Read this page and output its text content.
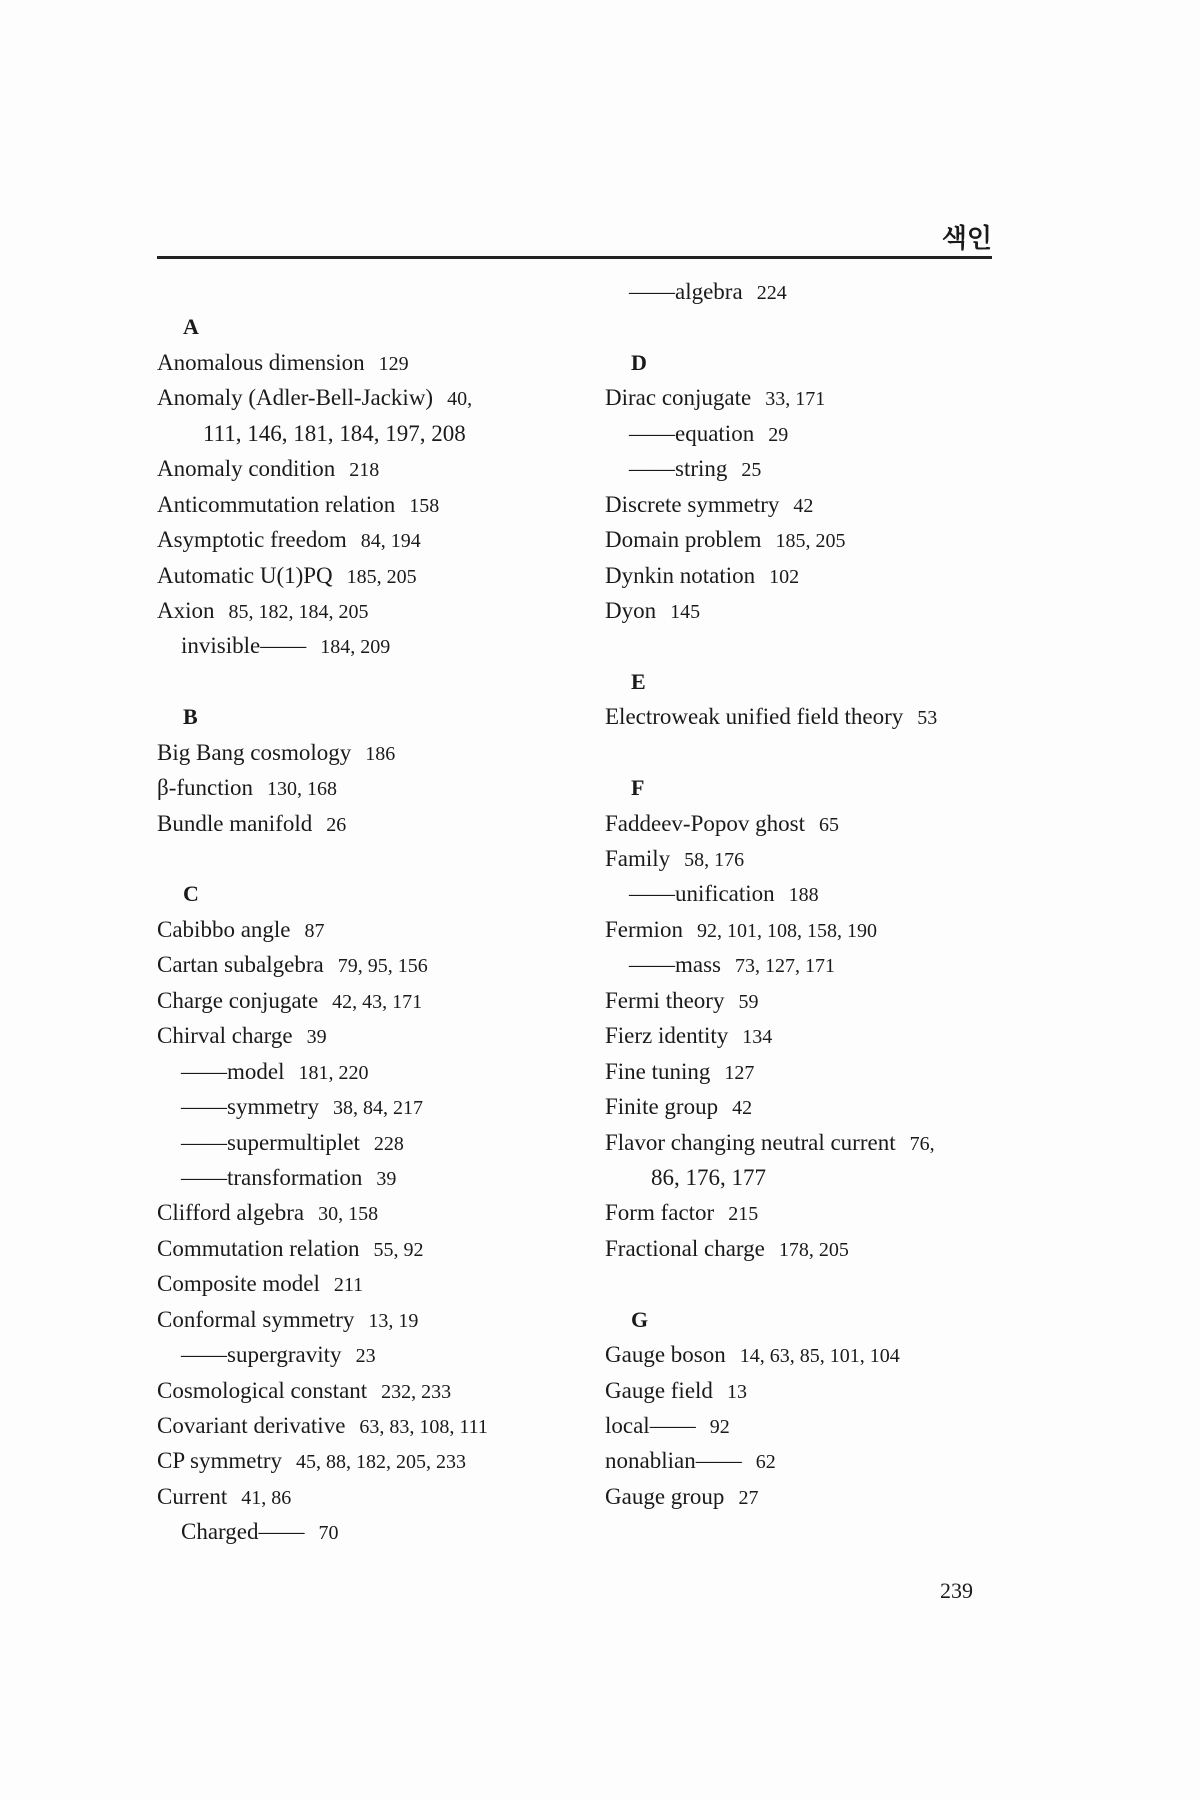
색인
A
Anomalous dimension 129
Anomaly (Adler-Bell-Jackiw) 40,
111, 146, 181, 184, 197, 208
Anomaly condition 218
Anticommutation relation 158
Asymptotic freedom 84, 194
Automatic U(1)PQ 185, 205
Axion 85, 182, 184, 205
invisible—— 184, 209
B
Big Bang cosmology 186
β-function 130, 168
Bundle manifold 26
C
Cabibbo angle 87
Cartan subalgebra 79, 95, 156
Charge conjugate 42, 43, 171
Chirval charge 39
——model 181, 220
——symmetry 38, 84, 217
——supermultiplet 228
——transformation 39
Clifford algebra 30, 158
Commutation relation 55, 92
Composite model 211
Conformal symmetry 13, 19
——supergravity 23
Cosmological constant 232, 233
Covariant derivative 63, 83, 108, 111
CP symmetry 45, 88, 182, 205, 233
Current 41, 86
Charged—— 70
——algebra 224
D
Dirac conjugate 33, 171
——equation 29
——string 25
Discrete symmetry 42
Domain problem 185, 205
Dynkin notation 102
Dyon 145
E
Electroweak unified field theory 53
F
Faddeev-Popov ghost 65
Family 58, 176
——unification 188
Fermion 92, 101, 108, 158, 190
——mass 73, 127, 171
Fermi theory 59
Fierz identity 134
Fine tuning 127
Finite group 42
Flavor changing neutral current 76,
86, 176, 177
Form factor 215
Fractional charge 178, 205
G
Gauge boson 14, 63, 85, 101, 104
Gauge field 13
local—— 92
nonablian—— 62
Gauge group 27
239
